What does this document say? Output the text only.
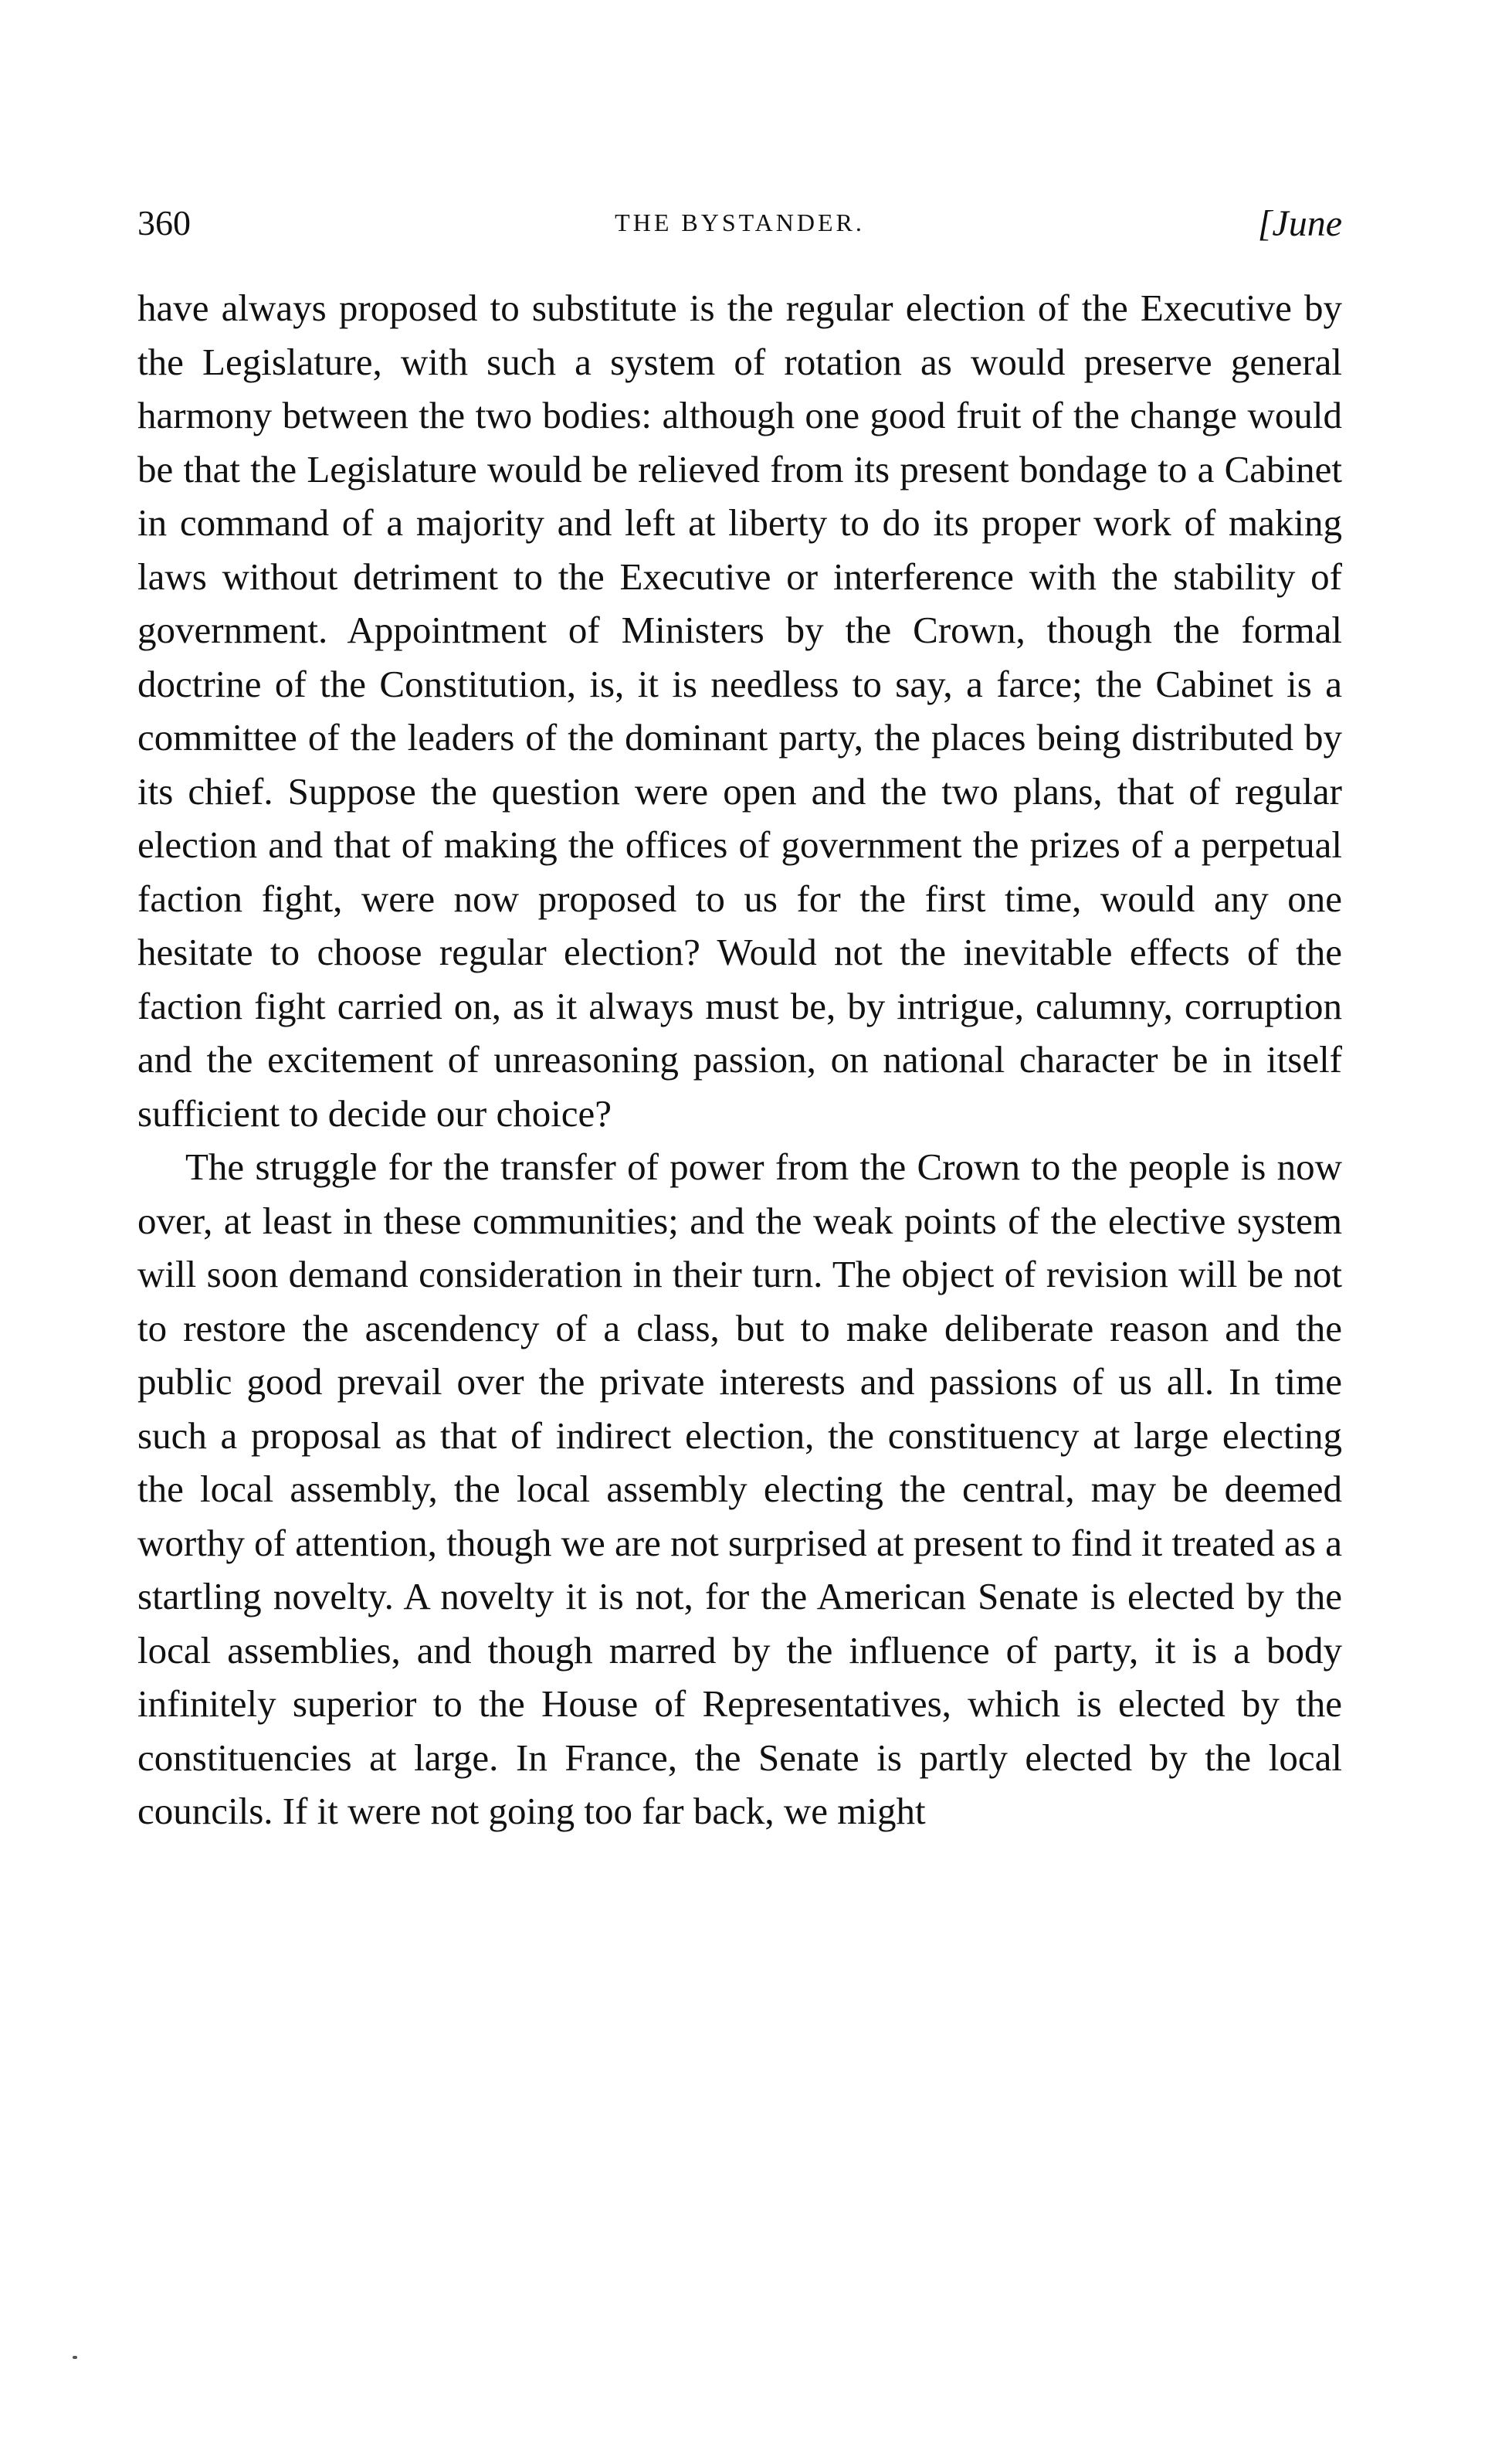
360	THE BYSTANDER.	[June

have always proposed to substitute is the regular election of the Executive by the Legislature, with such a system of rotation as would preserve general harmony between the two bodies: although one good fruit of the change would be that the Legislature would be relieved from its present bondage to a Cabinet in command of a majority and left at liberty to do its proper work of making laws without detriment to the Executive or interference with the stability of government. Appointment of Ministers by the Crown, though the formal doctrine of the Constitution, is, it is needless to say, a farce; the Cabinet is a committee of the leaders of the dominant party, the places being distributed by its chief. Suppose the question were open and the two plans, that of regular election and that of making the offices of government the prizes of a perpetual faction fight, were now proposed to us for the first time, would any one hesitate to choose regular election? Would not the inevitable effects of the faction fight carried on, as it always must be, by intrigue, calumny, corruption and the excitement of unreasoning passion, on national character be in itself sufficient to decide our choice?

The struggle for the transfer of power from the Crown to the people is now over, at least in these communities; and the weak points of the elective system will soon demand consideration in their turn. The object of revision will be not to restore the ascendency of a class, but to make deliberate reason and the public good prevail over the private interests and passions of us all. In time such a proposal as that of indirect election, the constituency at large electing the local assembly, the local assembly electing the central, may be deemed worthy of attention, though we are not surprised at present to find it treated as a startling novelty. A novelty it is not, for the American Senate is elected by the local assemblies, and though marred by the influence of party, it is a body infinitely superior to the House of Representatives, which is elected by the constituencies at large. In France, the Senate is partly elected by the local councils. If it were not going too far back, we might
